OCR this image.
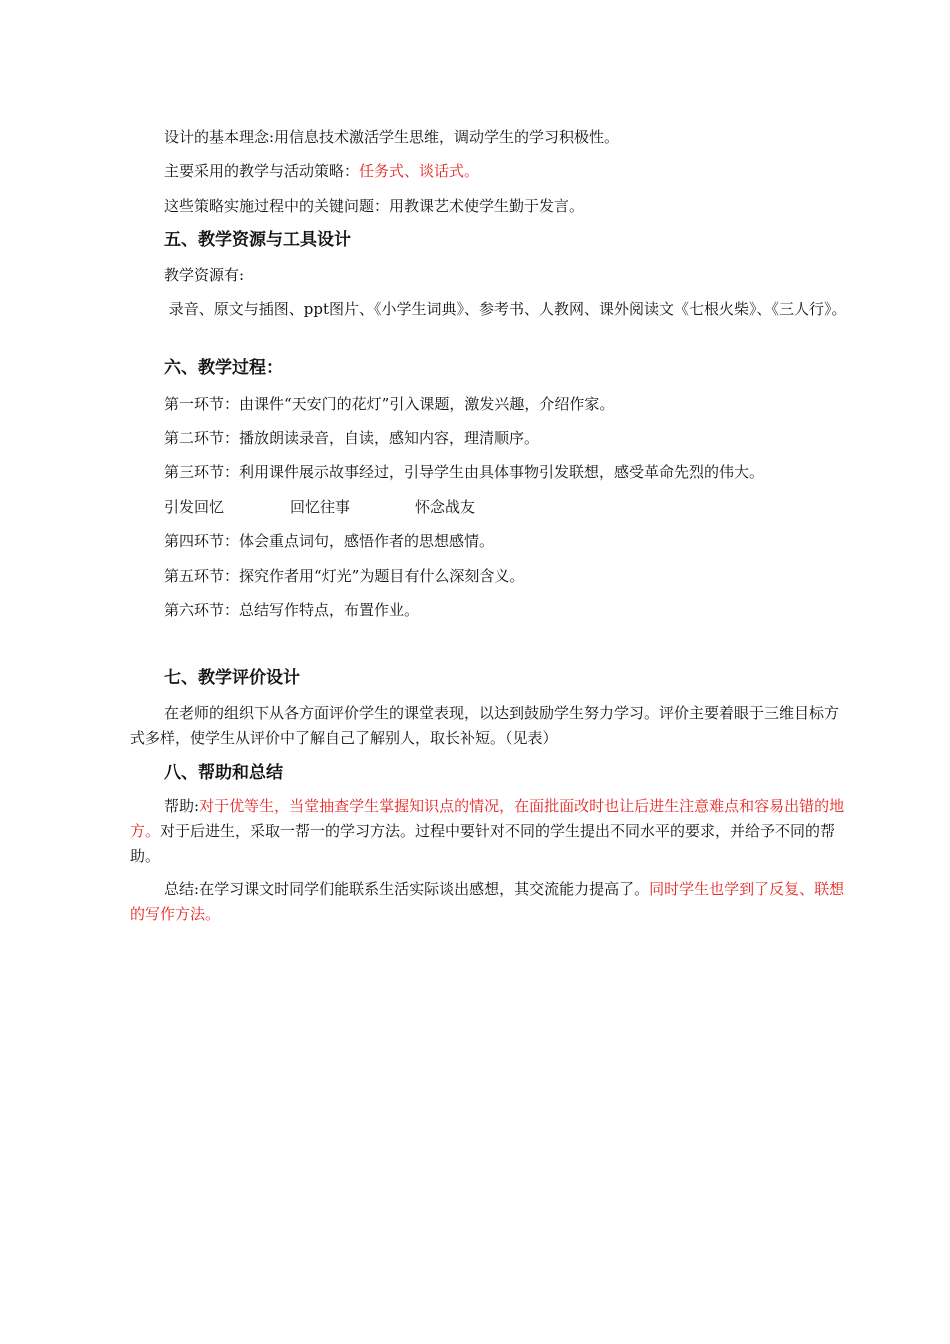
设计的基本理念:用信息技术激活学生思维，调动学生的学习积极性。
主要采用的教学与活动策略：任务式、谈话式。
这些策略实施过程中的关键问题：用教课艺术使学生勤于发言。
五、教学资源与工具设计
教学资源有:
录音、原文与插图、ppt图片、《小学生词典》、参考书、人教网、课外阅读文《七根火柴》、《三人行》。
六、教学过程：
第一环节：由课件“天安门的花灯”引入课题，激发兴趣，介绍作家。
第二环节：播放朗读录音，自读，感知内容，理清顺序。
第三环节：利用课件展示故事经过，引导学生由具体事物引发联想，感受革命先烈的伟大。
引发回忆	回忆往事	怀念战友
第四环节：体会重点词句，感悟作者的思想感情。
第五环节：探究作者用“灯光”为题目有什么深刻含义。
第六环节：总结写作特点，布置作业。
七、教学评价设计
在老师的组织下从各方面评价学生的课堂表现，以达到鼓励学生努力学习。评价主要着眼于三维目标方式多样，使学生从评价中了解自己了解别人，取长补短。（见表）
八、帮助和总结
帮助:对于优等生，当堂抽查学生掌握知识点的情况，在面批面改时也让后进生注意难点和容易出错的地方。对于后进生，采取一帮一的学习方法。过程中要针对不同的学生提出不同水平的要求，并给予不同的帮助。
总结:在学习课文时同学们能联系生活实际谈出感想，其交流能力提高了。同时学生也学到了反复、联想的写作方法。
